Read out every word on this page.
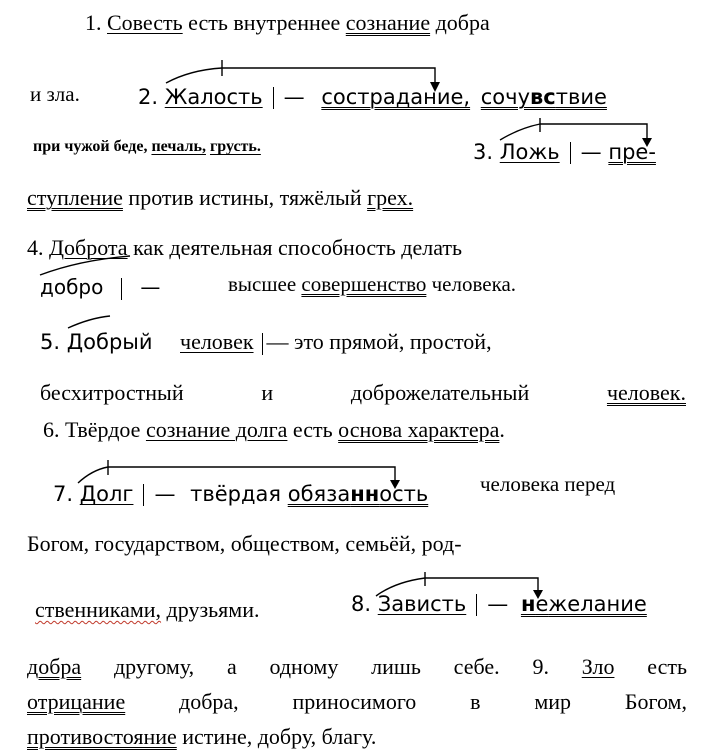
1. Совесть есть внутреннее сознание добра
и зла.	2. Жалость — сострадание, сочувствие
при чужой беде, печаль, грусть.	3. Ложь — пре-
ступление против истины, тяжёлый грех.
4. Доброта как деятельная способность делать
добро —	высшее совершенство человека.
5. Добрый человек — это прямой, простой,
бесхитростный	и	доброжелательный	человек.
6. Твёрдое сознание долга есть основа характера.
7. Долг — твёрдая обязанность человека перед
Богом, государством, обществом, семьёй, род-
ственниками, друзьями.	8. Зависть — нежелание
добра другому, а одному лишь себе. 9. Зло есть
отрицание добра, приносимого в мир Богом,
противостояние истине, добру, благу.
